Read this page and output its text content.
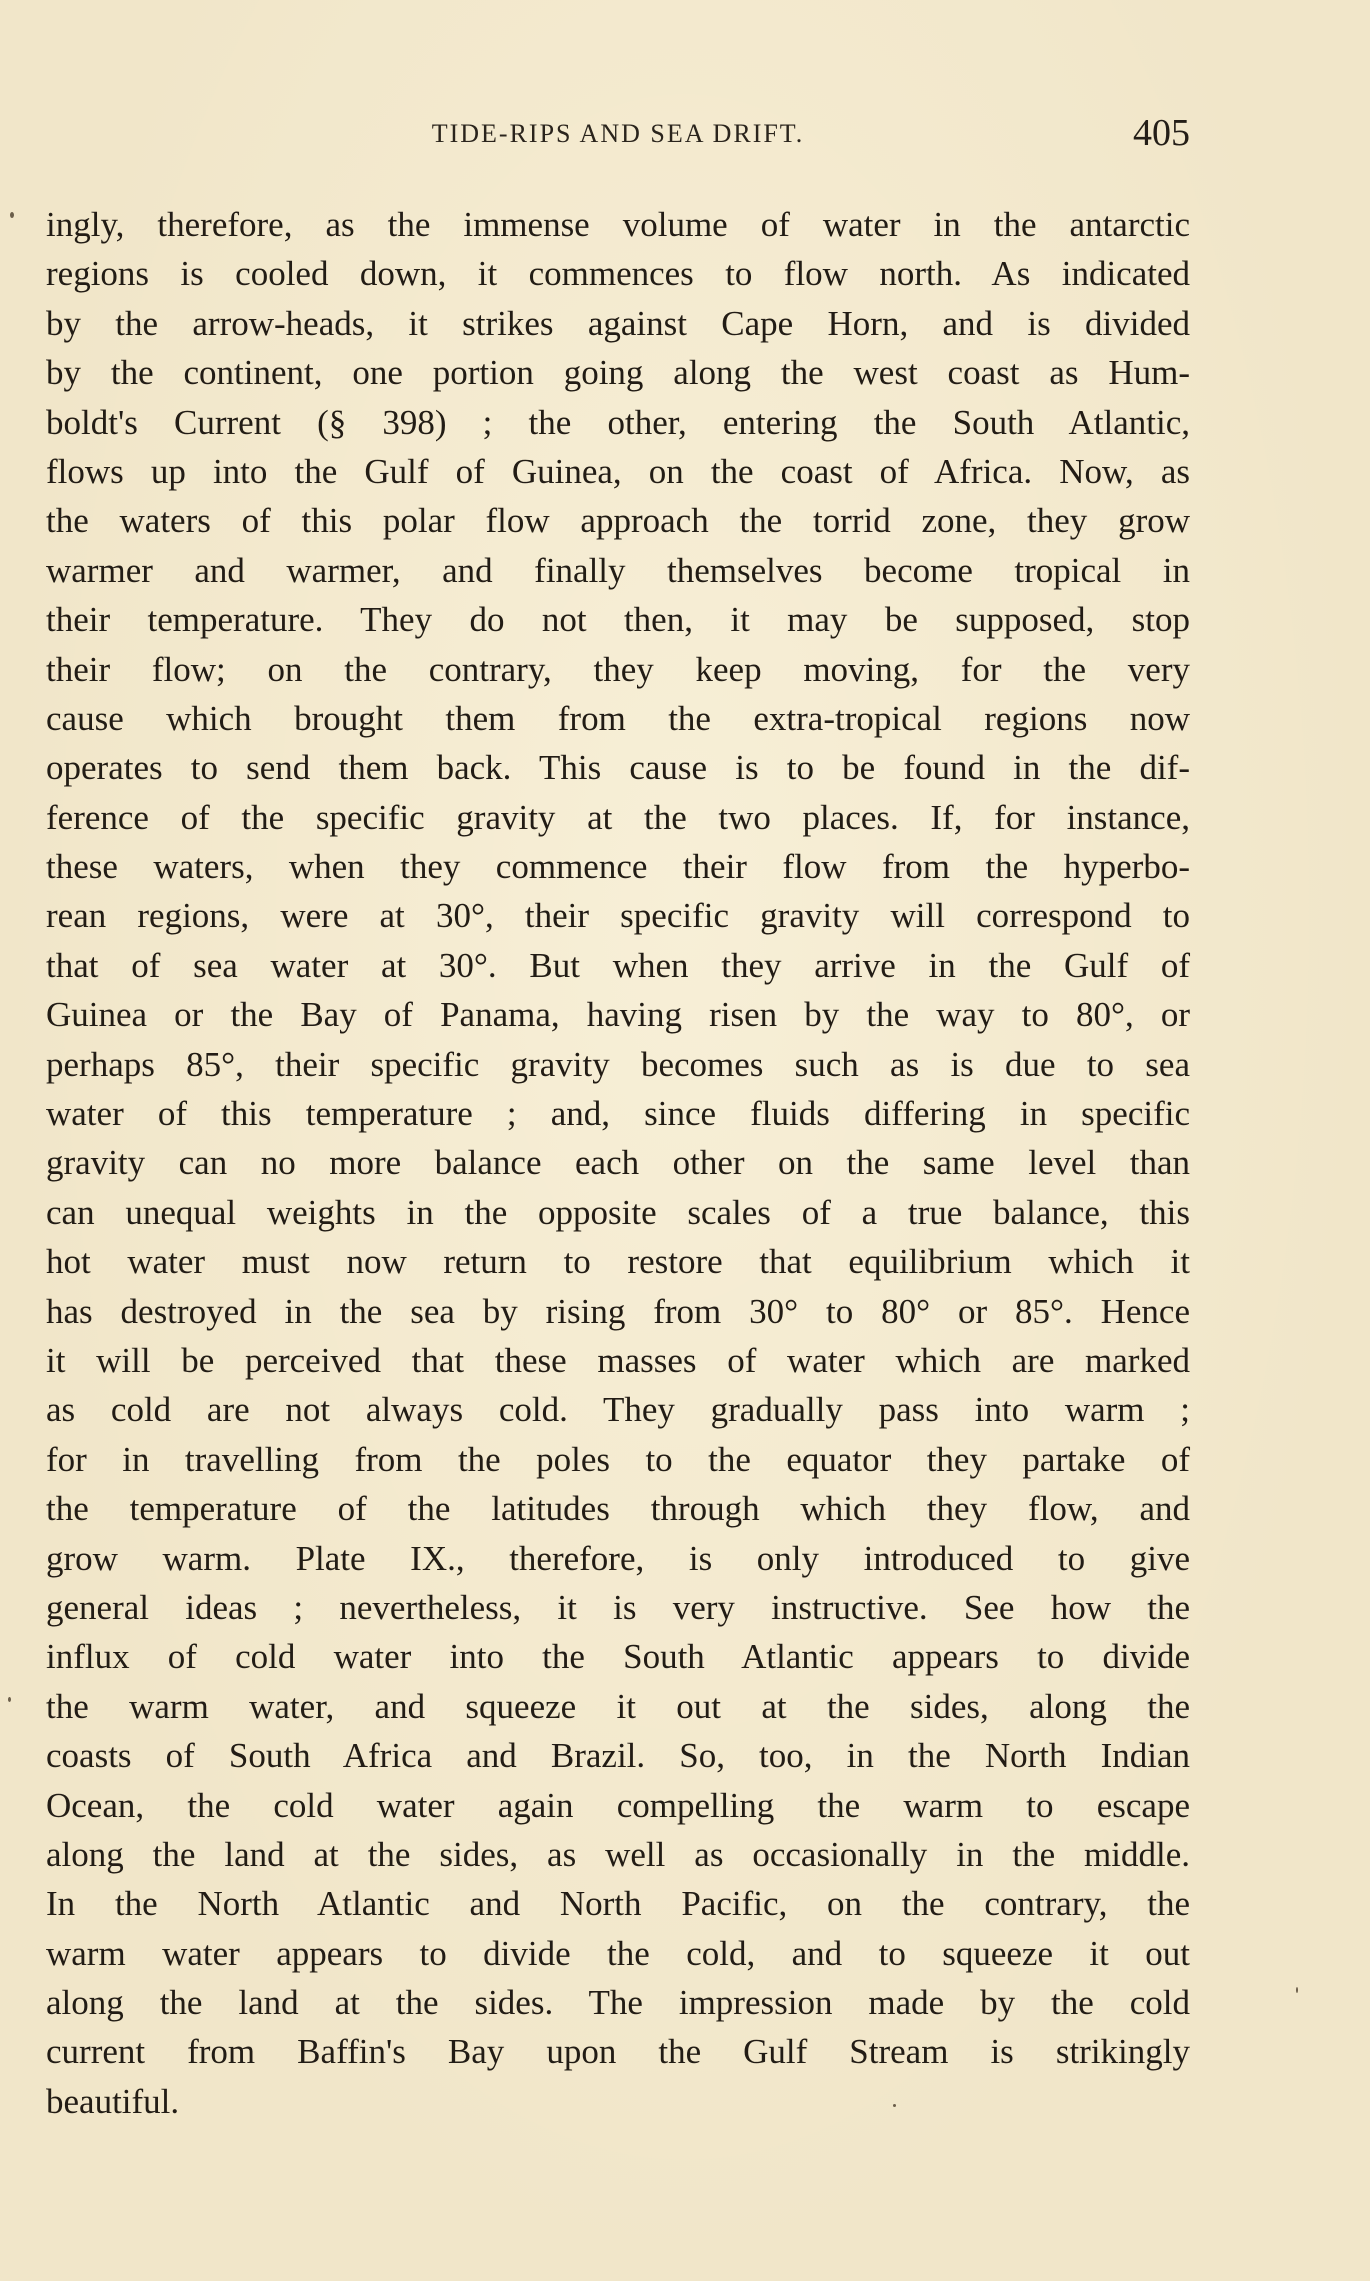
TIDE-RIPS AND SEA DRIFT.	405
ingly, therefore, as the immense volume of water in the antarctic
regions is cooled down, it commences to flow north. As indicated
by the arrow-heads, it strikes against Cape Horn, and is divided
by the continent, one portion going along the west coast as Hum-
boldt's Current (§ 398) ; the other, entering the South Atlantic,
flows up into the Gulf of Guinea, on the coast of Africa. Now, as
the waters of this polar flow approach the torrid zone, they grow
warmer and warmer, and finally themselves become tropical in
their temperature. They do not then, it may be supposed, stop
their flow; on the contrary, they keep moving, for the very
cause which brought them from the extra-tropical regions now
operates to send them back. This cause is to be found in the dif-
ference of the specific gravity at the two places. If, for instance,
these waters, when they commence their flow from the hyperbo-
rean regions, were at 30°, their specific gravity will correspond to
that of sea water at 30°. But when they arrive in the Gulf of
Guinea or the Bay of Panama, having risen by the way to 80°, or
perhaps 85°, their specific gravity becomes such as is due to sea
water of this temperature ; and, since fluids differing in specific
gravity can no more balance each other on the same level than
can unequal weights in the opposite scales of a true balance, this
hot water must now return to restore that equilibrium which it
has destroyed in the sea by rising from 30° to 80° or 85°. Hence
it will be perceived that these masses of water which are marked
as cold are not always cold. They gradually pass into warm ;
for in travelling from the poles to the equator they partake of
the temperature of the latitudes through which they flow, and
grow warm. Plate IX., therefore, is only introduced to give
general ideas ; nevertheless, it is very instructive. See how the
influx of cold water into the South Atlantic appears to divide
the warm water, and squeeze it out at the sides, along the
coasts of South Africa and Brazil. So, too, in the North Indian
Ocean, the cold water again compelling the warm to escape
along the land at the sides, as well as occasionally in the middle.
In the North Atlantic and North Pacific, on the contrary, the
warm water appears to divide the cold, and to squeeze it out
along the land at the sides. The impression made by the cold
current from Baffin's Bay upon the Gulf Stream is strikingly
beautiful.
